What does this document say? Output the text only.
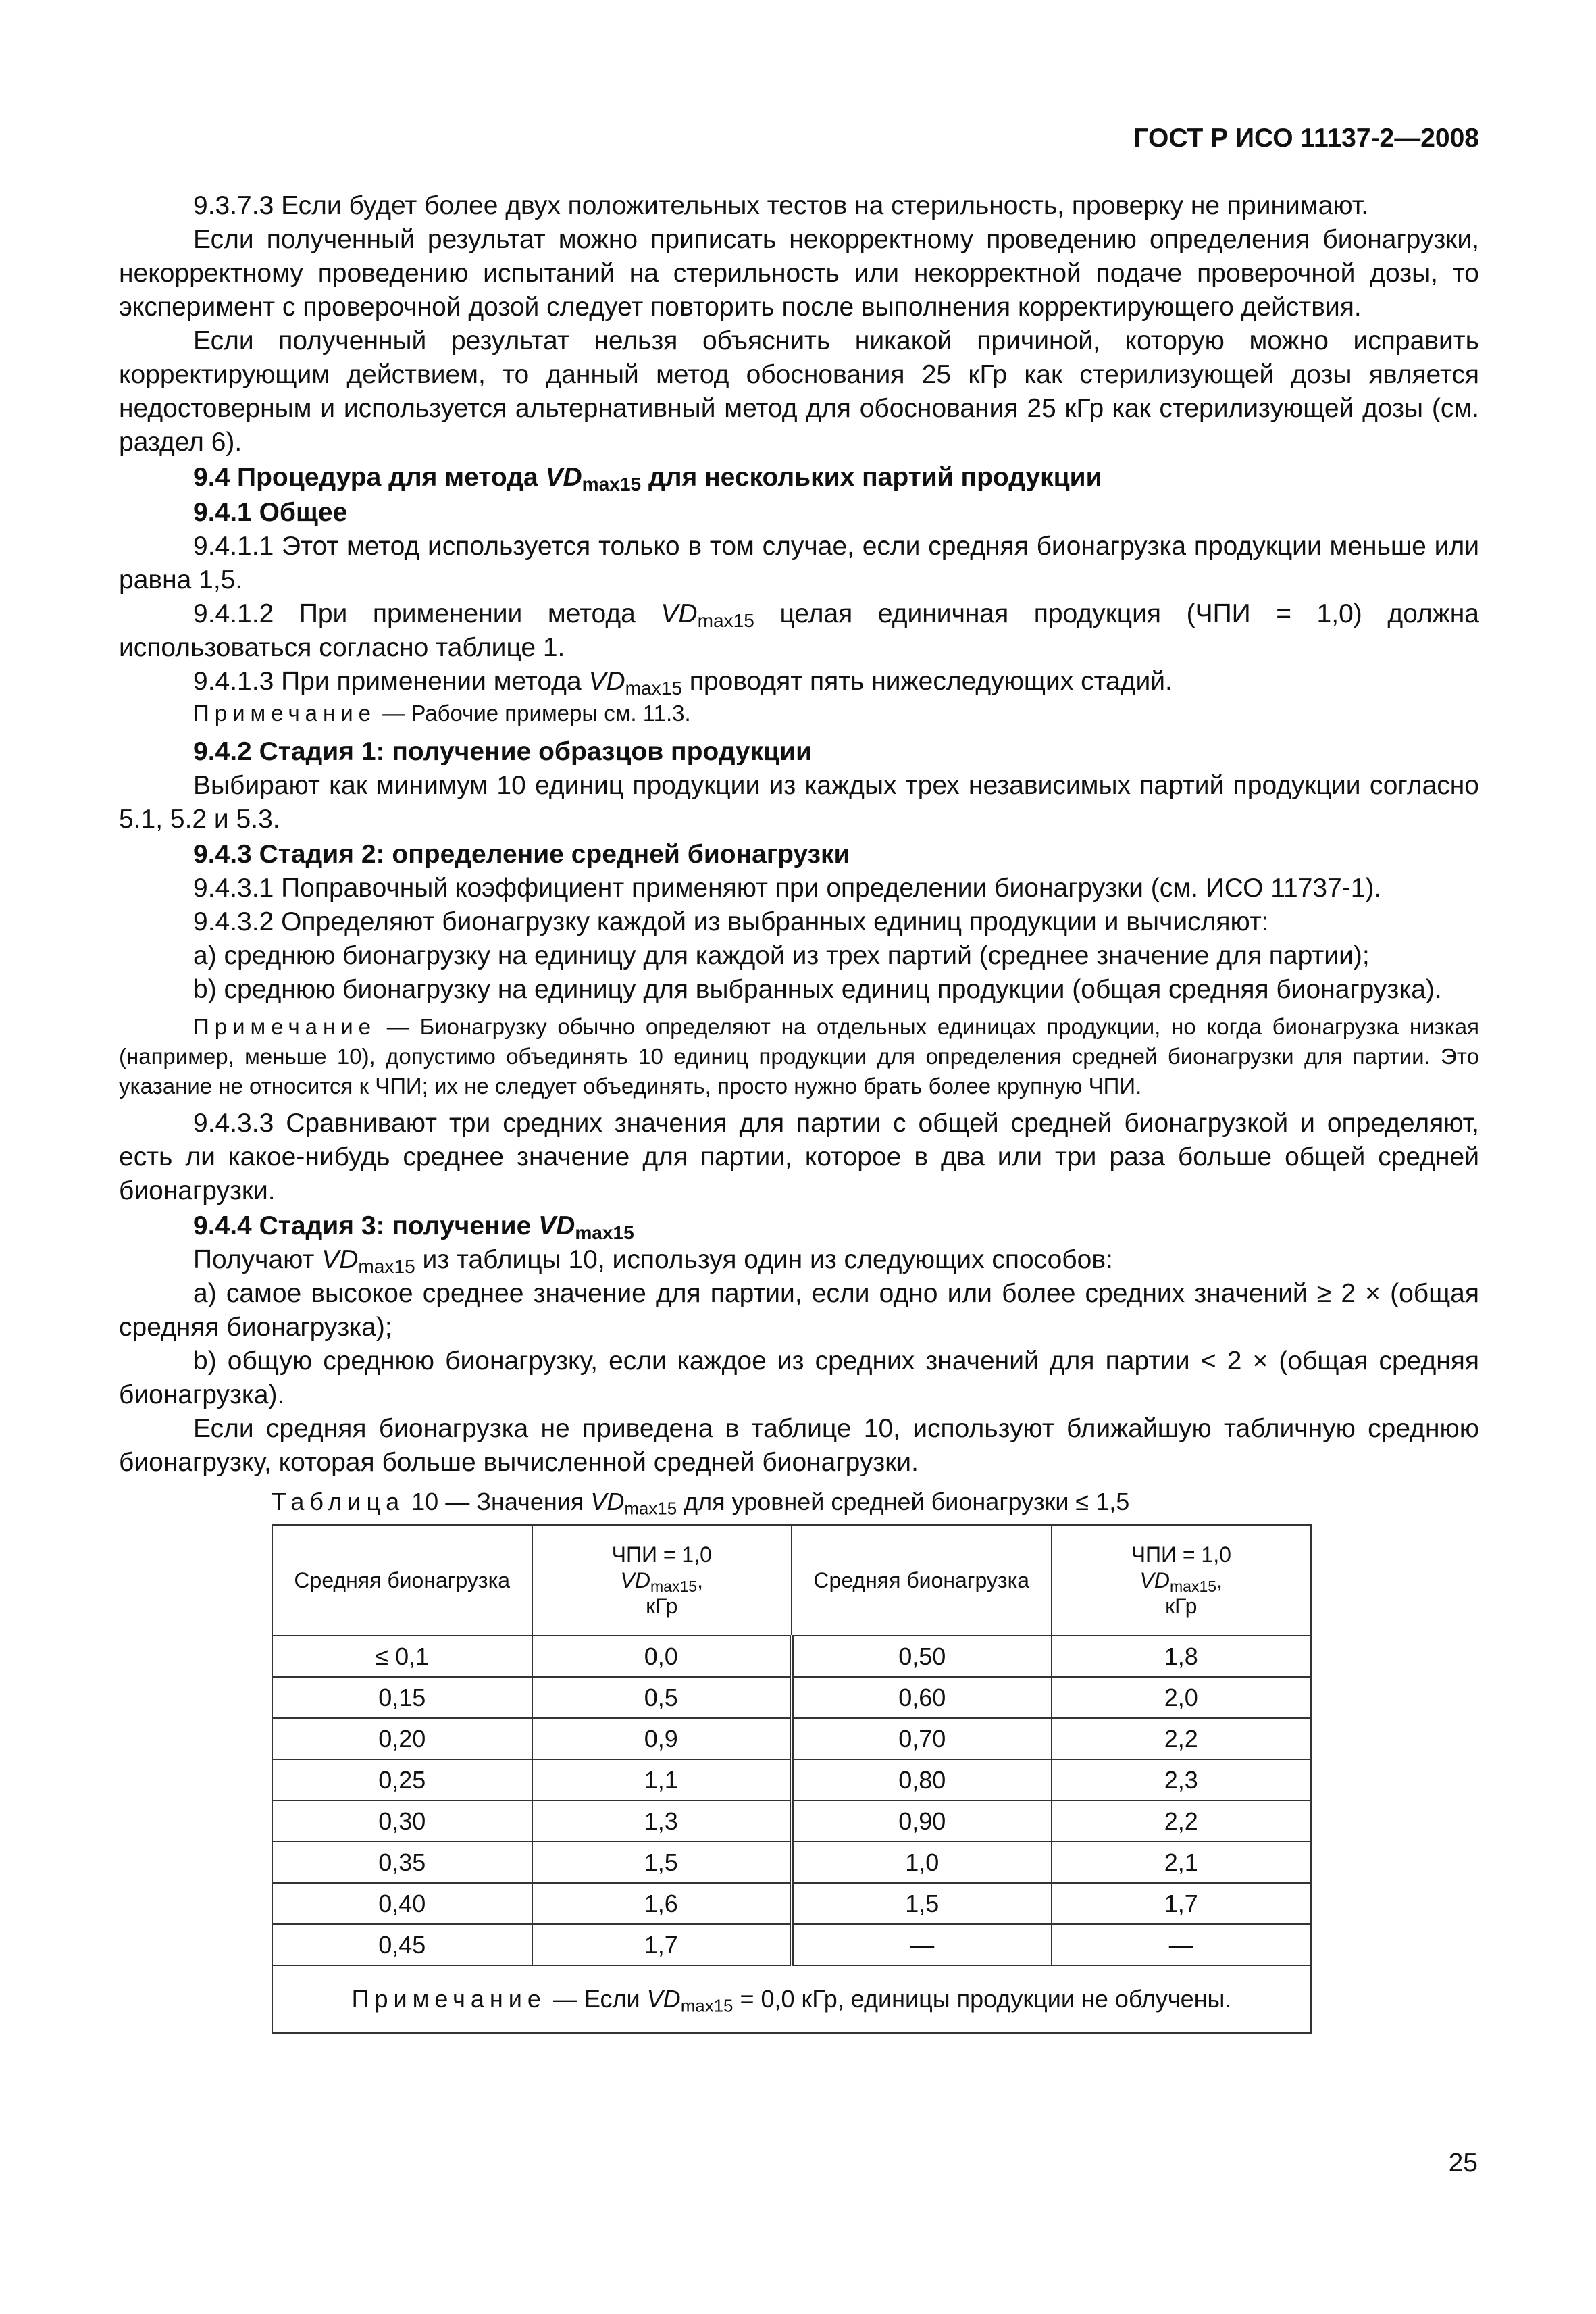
ГОСТ Р ИСО 11137-2—2008

9.3.7.3 Если будет более двух положительных тестов на стерильность, проверку не принимают.

Если полученный результат можно приписать некорректному проведению определения бионагрузки, некорректному проведению испытаний на стерильность или некорректной подаче проверочной дозы, то эксперимент с проверочной дозой следует повторить после выполнения корректирующего действия.

Если полученный результат нельзя объяснить никакой причиной, которую можно исправить корректирующим действием, то данный метод обоснования 25 кГр как стерилизующей дозы является недостоверным и используется альтернативный метод для обоснования 25 кГр как стерилизующей дозы (см. раздел 6).

9.4 Процедура для метода $VD_{max15}$ для нескольких партий продукции

9.4.1 Общее

9.4.1.1 Этот метод используется только в том случае, если средняя бионагрузка продукции меньше или равна 1,5.

9.4.1.2 При применении метода $VD_{max15}$ целая единичная продукция (ЧПИ = 1,0) должна использоваться согласно таблице 1.

9.4.1.3 При применении метода $VD_{max15}$ проводят пять нижеследующих стадий.

Примечание — Рабочие примеры см. 11.3.

9.4.2 Стадия 1: получение образцов продукции

Выбирают как минимум 10 единиц продукции из каждых трех независимых партий продукции согласно 5.1, 5.2 и 5.3.

9.4.3 Стадия 2: определение средней бионагрузки

9.4.3.1 Поправочный коэффициент применяют при определении бионагрузки (см. ИСО 11737-1).

9.4.3.2 Определяют бионагрузку каждой из выбранных единиц продукции и вычисляют:

a) среднюю бионагрузку на единицу для каждой из трех партий (среднее значение для партии);

b) среднюю бионагрузку на единицу для выбранных единиц продукции (общая средняя бионагрузка).

Примечание — Бионагрузку обычно определяют на отдельных единицах продукции, но когда бионагрузка низкая (например, меньше 10), допустимо объединять 10 единиц продукции для определения средней бионагрузки для партии. Это указание не относится к ЧПИ; их не следует объединять, просто нужно брать более крупную ЧПИ.

9.4.3.3 Сравнивают три средних значения для партии с общей средней бионагрузкой и определяют, есть ли какое-нибудь среднее значение для партии, которое в два или три раза больше общей средней бионагрузки.

9.4.4 Стадия 3: получение $VD_{max15}$

Получают $VD_{max15}$ из таблицы 10, используя один из следующих способов:

a) самое высокое среднее значение для партии, если одно или более средних значений ≥ 2 × (общая средняя бионагрузка);

b) общую среднюю бионагрузку, если каждое из средних значений для партии < 2 × (общая средняя бионагрузка).

Если средняя бионагрузка не приведена в таблице 10, используют ближайшую табличную среднюю бионагрузку, которая больше вычисленной средней бионагрузки.

Таблица 10 — Значения $VD_{max15}$ для уровней средней бионагрузки ≤ 1,5
Средняя бионагрузка	ЧПИ = 1,0
$VD_{max15}$,
кГр	Средняя бионагрузка	ЧПИ = 1,0
$VD_{max15}$,
кГр
≤ 0,1	0,0	0,50	1,8
0,15	0,5	0,60	2,0
0,20	0,9	0,70	2,2
0,25	1,1	0,80	2,3
0,30	1,3	0,90	2,2
0,35	1,5	1,0	2,1
0,40	1,6	1,5	1,7
0,45	1,7	—	—
Примечание — Если $VD_{max15} = 0,0$ кГр, единицы продукции не облучены.			
25
